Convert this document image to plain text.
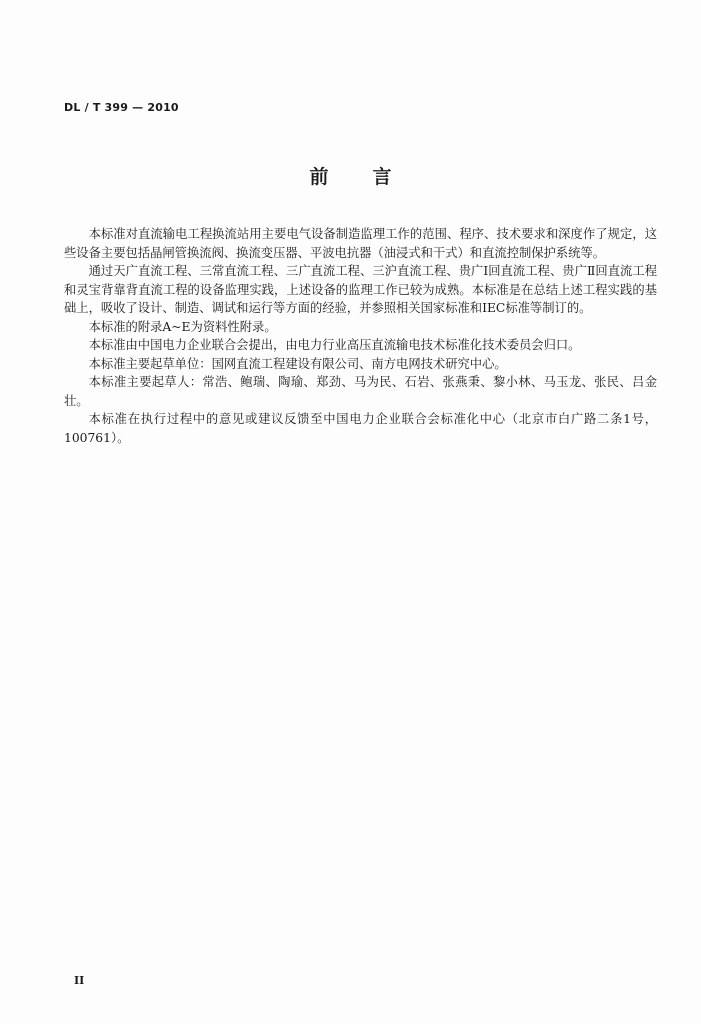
DL / T 399 — 2010
前 言

本标准对直流输电工程换流站用主要电气设备制造监理工作的范围、程序、技术要求和深度作了规定，这些设备主要包括晶闸管换流阀、换流变压器、平波电抗器（油浸式和干式）和直流控制保护系统等。

通过天广直流工程、三常直流工程、三广直流工程、三沪直流工程、贵广Ⅰ回直流工程、贵广Ⅱ回直流工程和灵宝背靠背直流工程的设备监理实践，上述设备的监理工作已较为成熟。本标准是在总结上述工程实践的基础上，吸收了设计、制造、调试和运行等方面的经验，并参照相关国家标准和IEC标准等制订的。

本标准的附录A~E为资料性附录。

本标准由中国电力企业联合会提出，由电力行业高压直流输电技术标准化技术委员会归口。

本标准主要起草单位：国网直流工程建设有限公司、南方电网技术研究中心。

本标准主要起草人：常浩、鲍瑞、陶瑜、郑劲、马为民、石岩、张燕秉、黎小林、马玉龙、张民、吕金壮。

本标准在执行过程中的意见或建议反馈至中国电力企业联合会标准化中心（北京市白广路二条1号，100761）。

II
